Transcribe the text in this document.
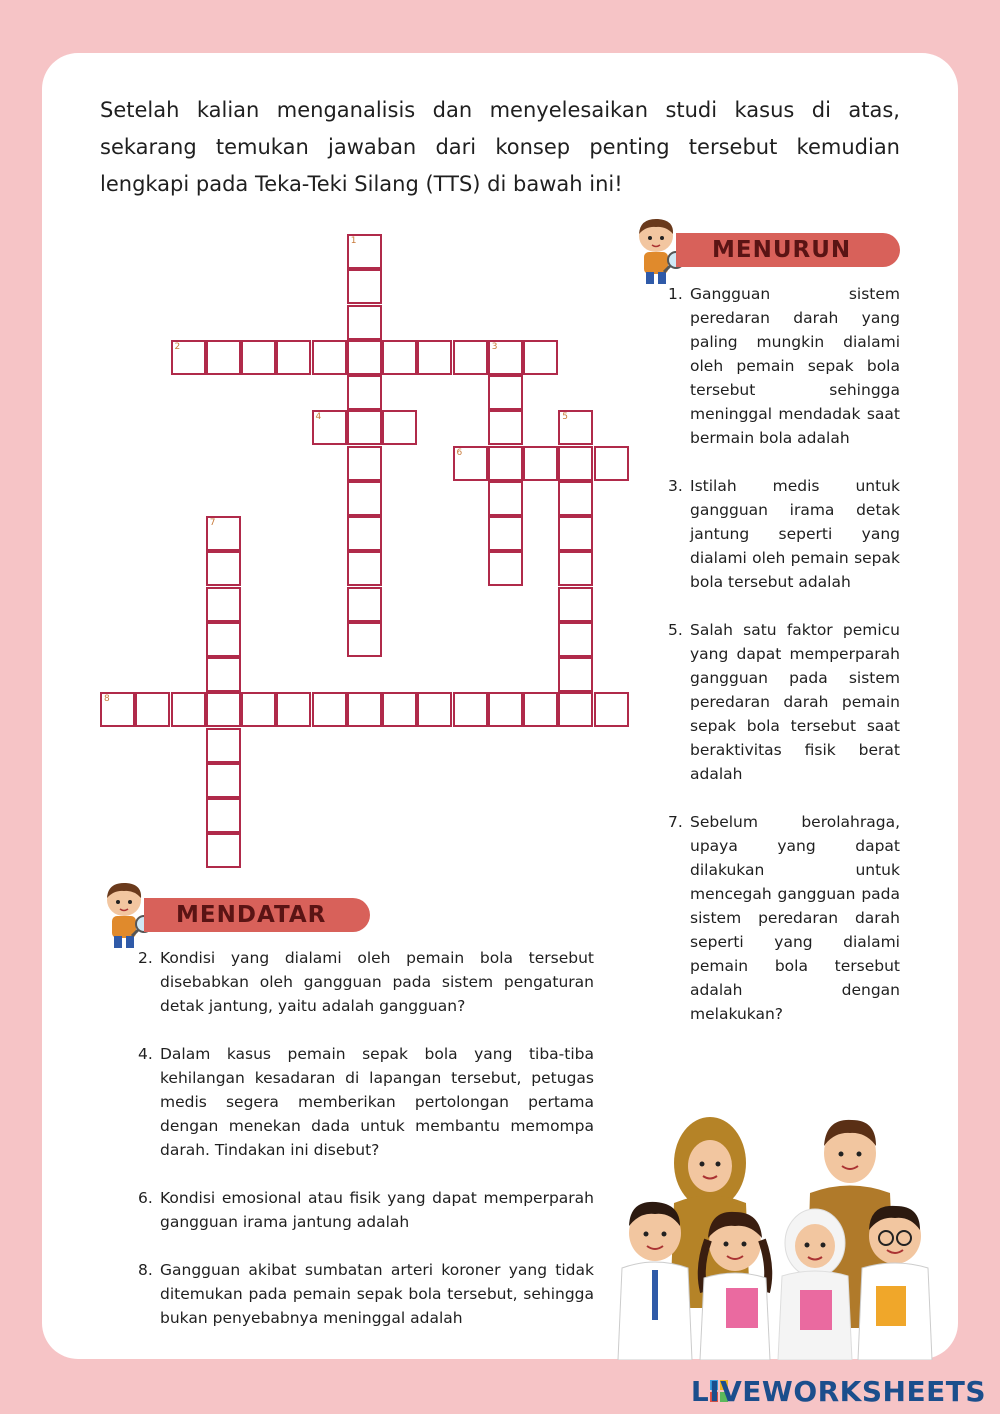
Setelah kalian menganalisis dan menyelesaikan studi kasus di atas, sekarang temukan jawaban dari konsep penting tersebut kemudian lengkapi pada Teka-Teki Silang (TTS) di bawah ini!

1
2	3
4	5
6
7
8
MENURUN
1. Gangguan sistem peredaran darah yang paling mungkin dialami oleh pemain sepak bola tersebut sehingga meninggal mendadak saat bermain bola adalah
3. Istilah medis untuk gangguan irama detak jantung seperti yang dialami oleh pemain sepak bola tersebut adalah
5. Salah satu faktor pemicu yang dapat memperparah gangguan pada sistem peredaran darah pemain sepak bola tersebut saat beraktivitas fisik berat adalah
7. Sebelum berolahraga, upaya yang dapat dilakukan untuk mencegah gangguan pada sistem peredaran darah seperti yang dialami pemain bola tersebut adalah dengan melakukan?
MENDATAR
2. Kondisi yang dialami oleh pemain bola tersebut disebabkan oleh gangguan pada sistem pengaturan detak jantung, yaitu adalah gangguan?
4. Dalam kasus pemain sepak bola yang tiba-tiba kehilangan kesadaran di lapangan tersebut, petugas medis segera memberikan pertolongan pertama dengan menekan dada untuk membantu memompa darah. Tindakan ini disebut?
6. Kondisi emosional atau fisik yang dapat memperparah gangguan irama jantung adalah
8. Gangguan akibat sumbatan arteri koroner yang tidak ditemukan pada pemain sepak bola tersebut, sehingga bukan penyebabnya meninggal adalah
LIVEWORKSHEETS
